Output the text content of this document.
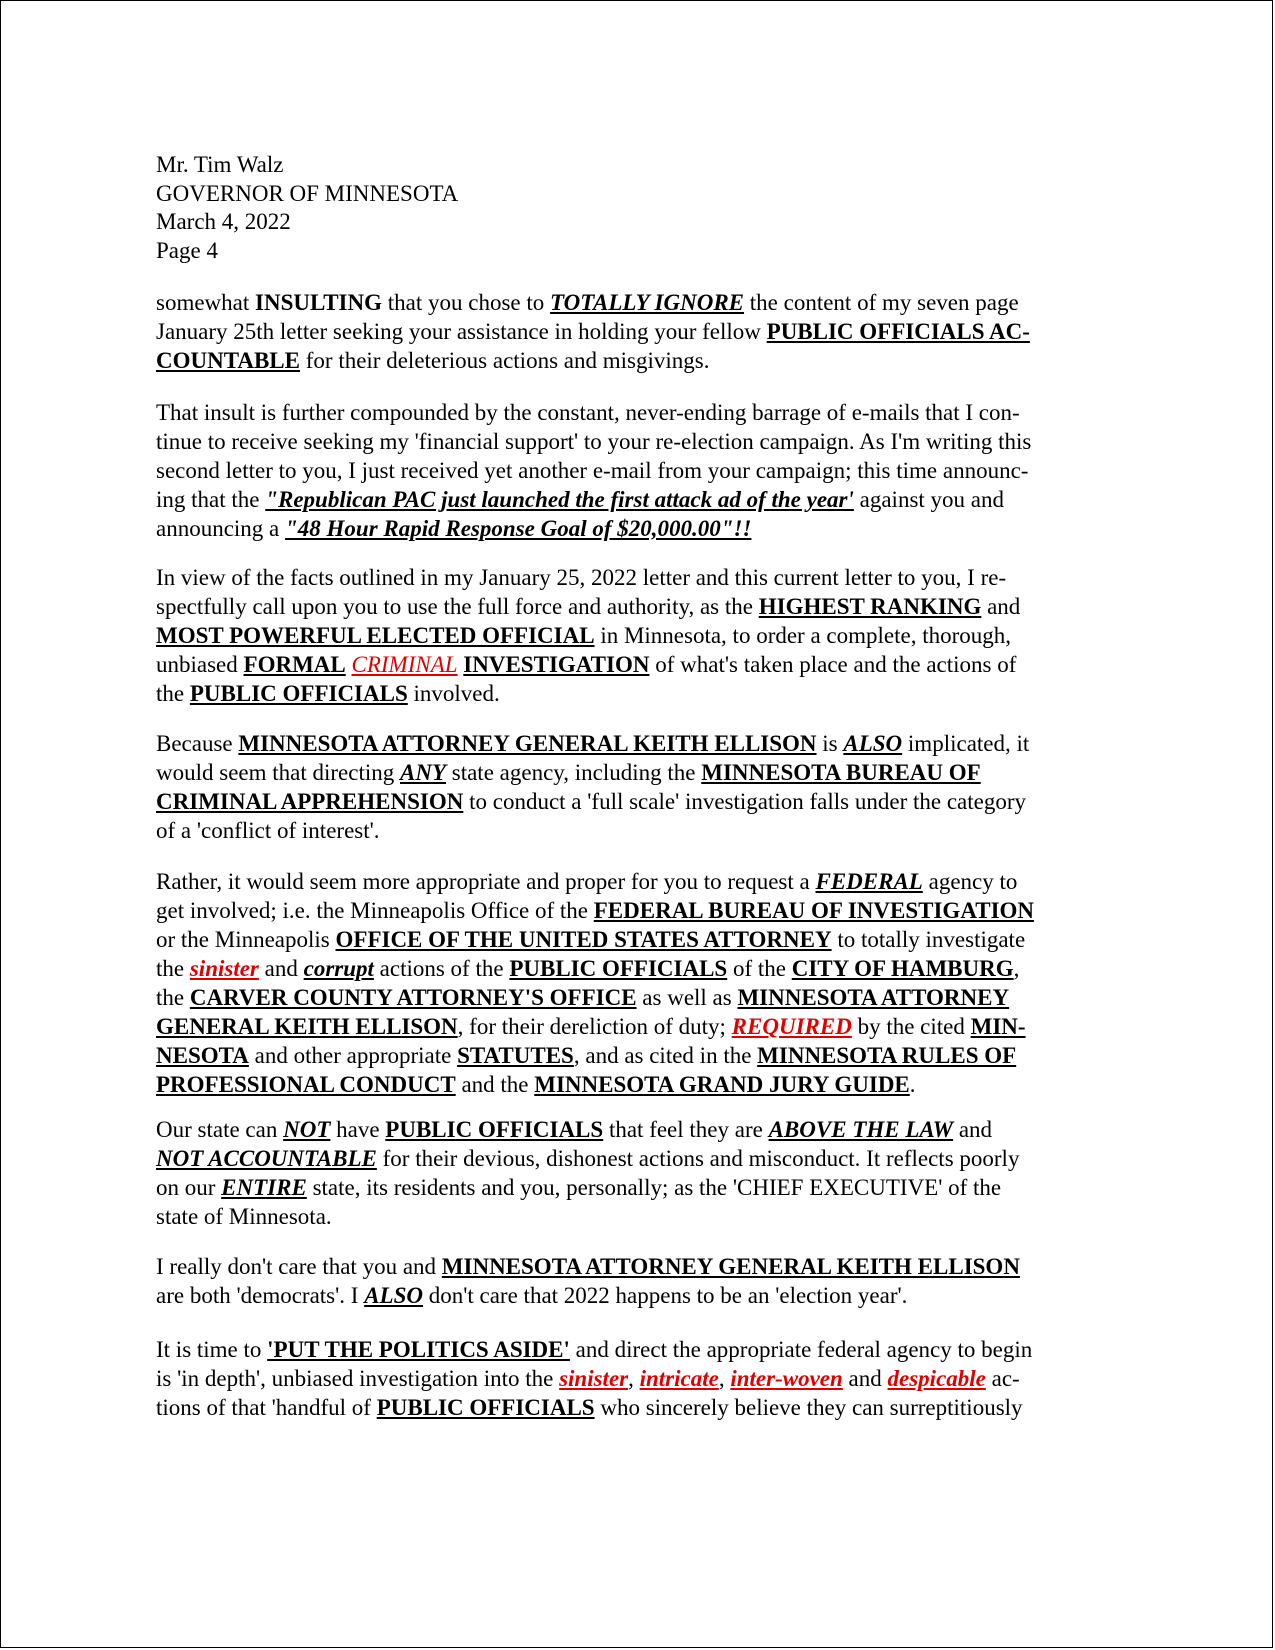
Mr. Tim Walz
GOVERNOR OF MINNESOTA
March 4, 2022
Page 4
somewhat INSULTING that you chose to TOTALLY IGNORE the content of my seven page
January 25th letter seeking your assistance in holding your fellow PUBLIC OFFICIALS AC-
COUNTABLE for their deleterious actions and misgivings.
That insult is further compounded by the constant, never-ending barrage of e-mails that I con-
tinue to receive seeking my 'financial support' to your re-election campaign. As I'm writing this
second letter to you, I just received yet another e-mail from your campaign; this time announc-
ing that the "Republican PAC just launched the first attack ad of the year' against you and
announcing a "48 Hour Rapid Response Goal of $20,000.00"!!
In view of the facts outlined in my January 25, 2022 letter and this current letter to you, I re-
spectfully call upon you to use the full force and authority, as the HIGHEST RANKING and
MOST POWERFUL ELECTED OFFICIAL in Minnesota, to order a complete, thorough,
unbiased FORMAL CRIMINAL INVESTIGATION of what's taken place and the actions of
the PUBLIC OFFICIALS involved.
Because MINNESOTA ATTORNEY GENERAL KEITH ELLISON is ALSO implicated, it
would seem that directing ANY state agency, including the MINNESOTA BUREAU OF
CRIMINAL APPREHENSION to conduct a 'full scale' investigation falls under the category
of a 'conflict of interest'.
Rather, it would seem more appropriate and proper for you to request a FEDERAL agency to
get involved; i.e. the Minneapolis Office of the FEDERAL BUREAU OF INVESTIGATION
or the Minneapolis OFFICE OF THE UNITED STATES ATTORNEY to totally investigate
the sinister and corrupt actions of the PUBLIC OFFICIALS of the CITY OF HAMBURG,
the CARVER COUNTY ATTORNEY'S OFFICE as well as MINNESOTA ATTORNEY
GENERAL KEITH ELLISON, for their dereliction of duty; REQUIRED by the cited MIN-
NESOTA and other appropriate STATUTES, and as cited in the MINNESOTA RULES OF
PROFESSIONAL CONDUCT and the MINNESOTA GRAND JURY GUIDE.
Our state can NOT have PUBLIC OFFICIALS that feel they are ABOVE THE LAW and
NOT ACCOUNTABLE for their devious, dishonest actions and misconduct. It reflects poorly
on our ENTIRE state, its residents and you, personally; as the 'CHIEF EXECUTIVE' of the
state of Minnesota.
I really don't care that you and MINNESOTA ATTORNEY GENERAL KEITH ELLISON
are both 'democrats'. I ALSO don't care that 2022 happens to be an 'election year'.
It is time to 'PUT THE POLITICS ASIDE' and direct the appropriate federal agency to begin
is 'in depth', unbiased investigation into the sinister, intricate, inter-woven and despicable ac-
tions of that 'handful of PUBLIC OFFICIALS who sincerely believe they can surreptitiously
